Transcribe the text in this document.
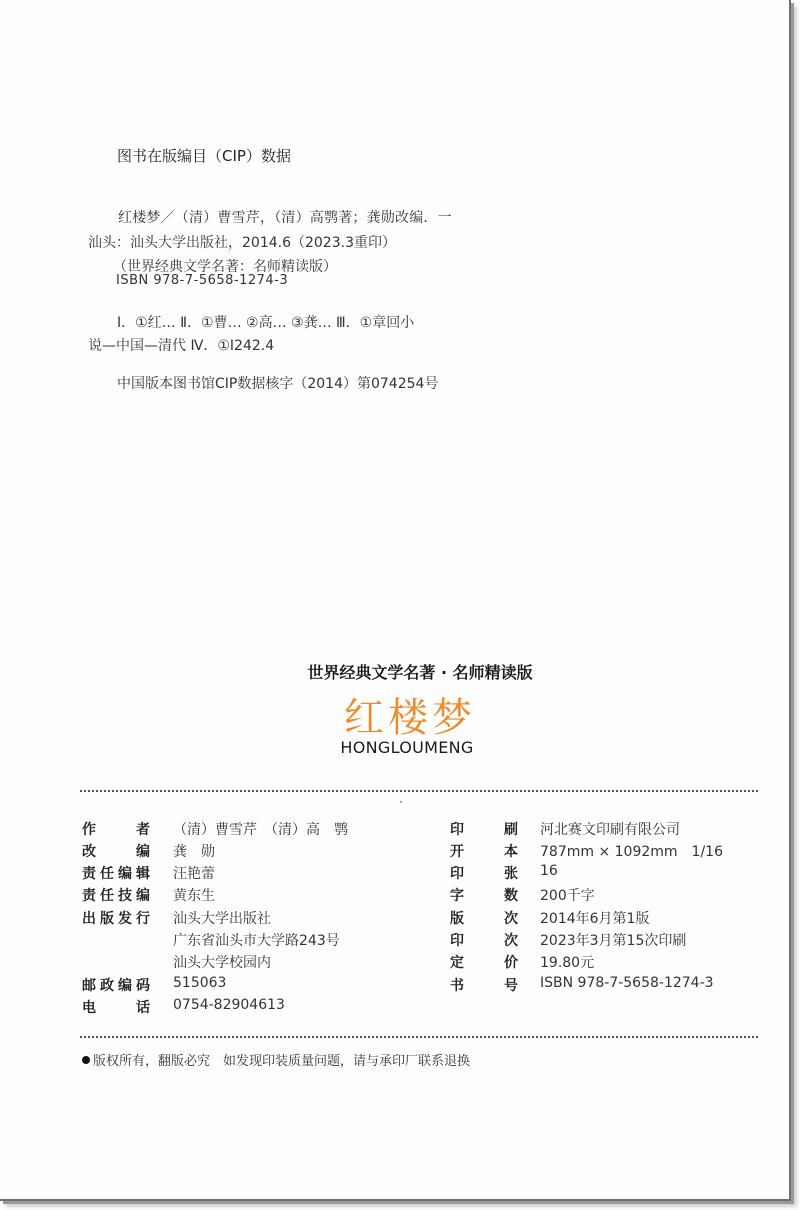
图书在版编目（CIP）数据
红楼梦／（清）曹雪芹，（清）高鹗著；龚勋改编．一
汕头：汕头大学出版社，2014.6（2023.3重印）
（世界经典文学名著：名师精读版）
ISBN 978-7-5658-1274-3
Ⅰ．①红… Ⅱ．①曹… ②高… ③龚… Ⅲ．①章回小
说—中国—清代 Ⅳ．①I242.4
中国版本图书馆CIP数据核字（2014）第074254号
世界经典文学名著 · 名师精读版
红楼梦
HONGLOUMENG
作　者 （清）曹雪芹　（清）高　鹗
改　编 龚　勋
责任编辑 汪艳蕾
责任技编 黄东生
出版发行 汕头大学出版社
广东省汕头市大学路243号
汕头大学校园内
邮政编码 515063
电　话 0754-82904613
印　刷 河北赛文印刷有限公司
开　本 787mm × 1092mm　1/16
印　张 16
字　数 200千字
版　次 2014年6月第1版
印　次 2023年3月第15次印刷
定　价 19.80元
书　号 ISBN 978-7-5658-1274-3
版权所有，翻版必究　如发现印装质量问题，请与承印厂联系退换
